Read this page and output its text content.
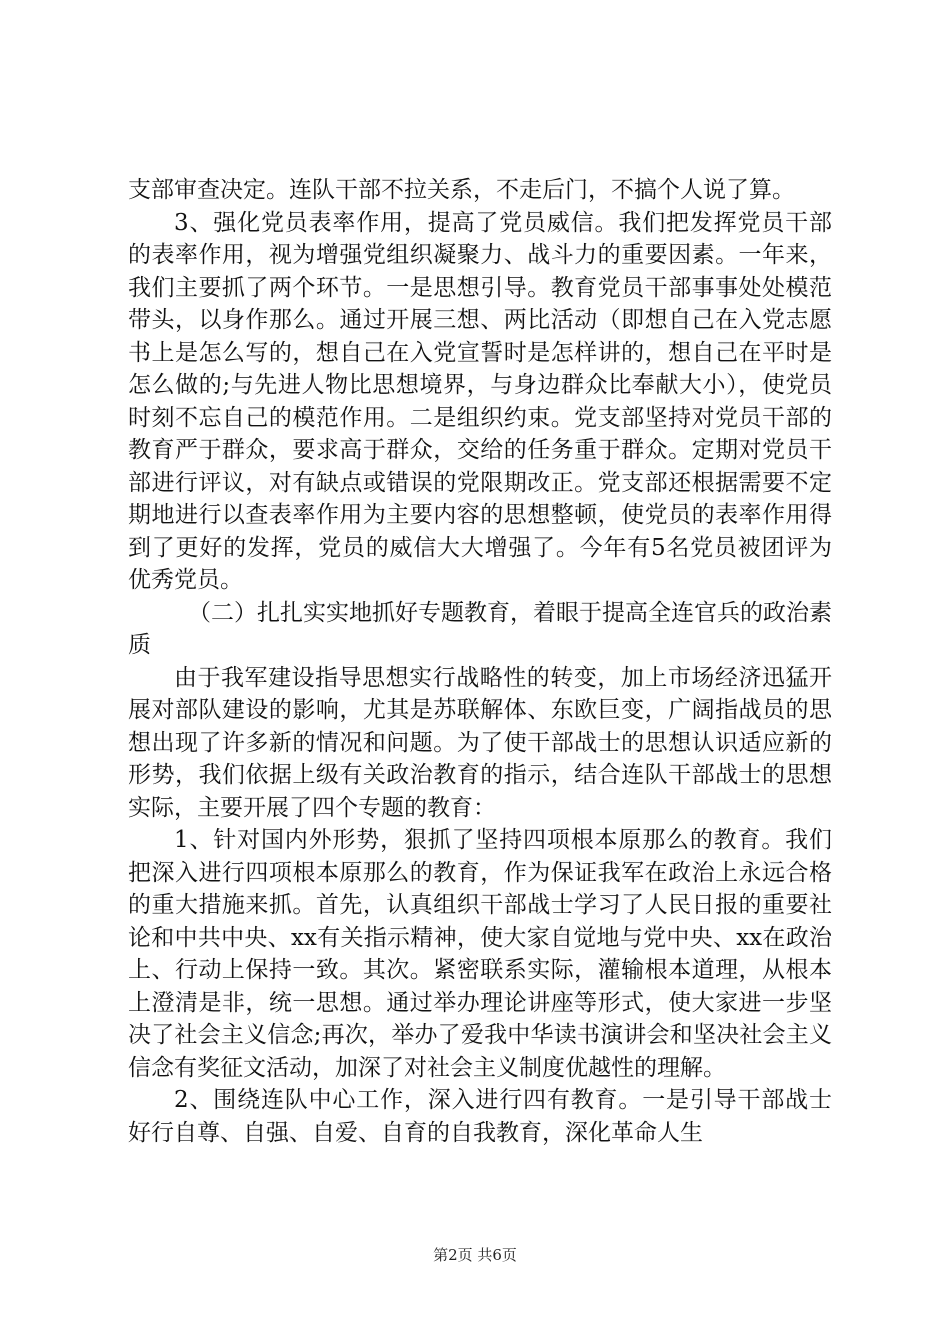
支部审查决定。连队干部不拉关系，不走后门，不搞个人说了算。

3、强化党员表率作用，提高了党员威信。我们把发挥党员干部的表率作用，视为增强党组织凝聚力、战斗力的重要因素。一年来，我们主要抓了两个环节。一是思想引导。教育党员干部事事处处模范带头，以身作那么。通过开展三想、两比活动（即想自己在入党志愿书上是怎么写的，想自己在入党宣誓时是怎样讲的，想自己在平时是怎么做的;与先进人物比思想境界，与身边群众比奉献大小），使党员时刻不忘自己的模范作用。二是组织约束。党支部坚持对党员干部的教育严于群众，要求高于群众，交给的任务重于群众。定期对党员干部进行评议，对有缺点或错误的党限期改正。党支部还根据需要不定期地进行以查表率作用为主要内容的思想整顿，使党员的表率作用得到了更好的发挥，党员的威信大大增强了。今年有5名党员被团评为优秀党员。

（二）扎扎实实地抓好专题教育，着眼于提高全连官兵的政治素质

由于我军建设指导思想实行战略性的转变，加上市场经济迅猛开展对部队建设的影响，尤其是苏联解体、东欧巨变，广阔指战员的思想出现了许多新的情况和问题。为了使干部战士的思想认识适应新的形势，我们依据上级有关政治教育的指示，结合连队干部战士的思想实际，主要开展了四个专题的教育：

1、针对国内外形势，狠抓了坚持四项根本原那么的教育。我们把深入进行四项根本原那么的教育，作为保证我军在政治上永远合格的重大措施来抓。首先，认真组织干部战士学习了人民日报的重要社论和中共中央、xx有关指示精神，使大家自觉地与党中央、xx在政治上、行动上保持一致。其次。紧密联系实际，灌输根本道理，从根本上澄清是非，统一思想。通过举办理论讲座等形式，使大家进一步坚决了社会主义信念;再次，举办了爱我中华读书演讲会和坚决社会主义信念有奖征文活动，加深了对社会主义制度优越性的理解。

2、围绕连队中心工作，深入进行四有教育。一是引导干部战士好行自尊、自强、自爱、自育的自我教育，深化革命人生

第2页 共6页
